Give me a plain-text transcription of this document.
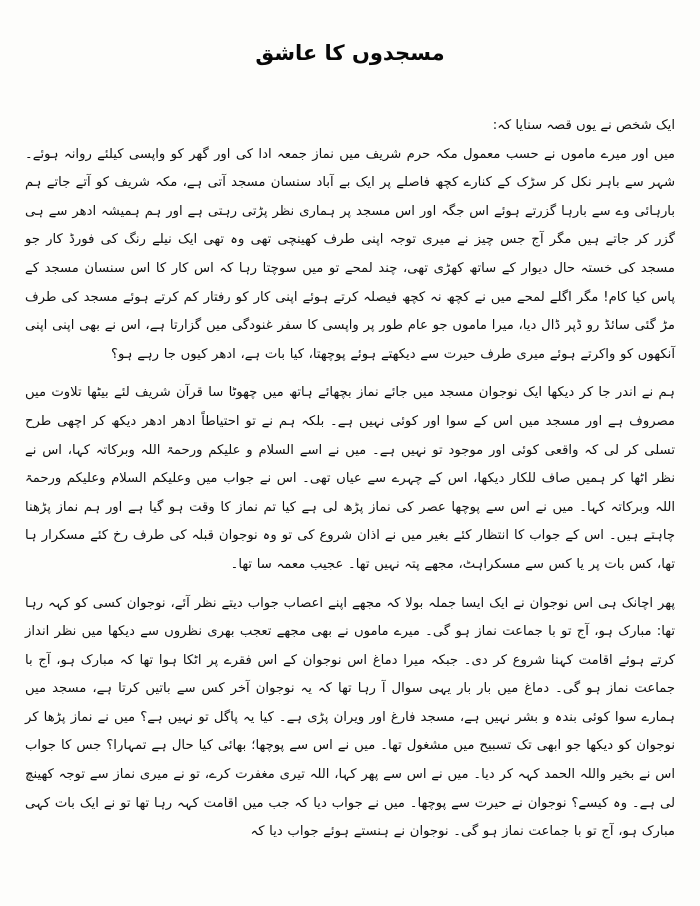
مسجدوں کا عاشق

ایک شخص نے یوں قصہ سنایا کہ:

میں اور میرے ماموں نے حسب معمول مکہ حرم شریف میں نماز جمعہ ادا کی اور گھر کو واپسی کیلئے روانہ ہوئے۔ شہر سے باہر نکل کر سڑک کے کنارے کچھ فاصلے پر ایک بے آباد سنسان مسجد آتی ہے، مکہ شریف کو آتے جاتے ہم بارہائی وے سے بارہا گزرتے ہوئے اس جگہ اور اس مسجد پر ہماری نظر پڑتی رہتی ہے اور ہم ہمیشہ ادھر سے ہی گزر کر جاتے ہیں مگر آج جس چیز نے میری توجہ اپنی طرف کھینچی تھی وہ تھی ایک نیلے رنگ کی فورڈ کار جو مسجد کی خستہ حال دیوار کے ساتھ کھڑی تھی، چند لمحے تو میں سوچتا رہا کہ اس کار کا اس سنسان مسجد کے پاس کیا کام! مگر اگلے لمحے میں نے کچھ نہ کچھ فیصلہ کرتے ہوئے اپنی کار کو رفتار کم کرتے ہوئے مسجد کی طرف مڑ گئی سائڈ رو ڈپر ڈال دیا، میرا ماموں جو عام طور پر واپسی کا سفر غنودگی میں گزارتا ہے، اس نے بھی اپنی اپنی آنکھوں کو واکرتے ہوئے میری طرف حیرت سے دیکھتے ہوئے پوچھتا، کیا بات ہے، ادھر کیوں جا رہے ہو؟

ہم نے اندر جا کر دیکھا ایک نوجوان مسجد میں جائے نماز بچھائے ہاتھ میں چھوٹا سا قرآن شریف لئے بیٹھا تلاوت میں مصروف ہے اور مسجد میں اس کے سوا اور کوئی نہیں ہے۔ بلکہ ہم نے تو احتیاطاً ادھر ادھر دیکھ کر اچھی طرح تسلی کر لی کہ واقعی کوئی اور موجود تو نہیں ہے۔ میں نے اسے السلام و علیکم ورحمۃ اللہ وبرکاتہ کہا، اس نے نظر اٹھا کر ہمیں صاف للکار دیکھا، اس کے چہرے سے عیاں تھی۔ اس نے جواب میں وعلیکم السلام وعلیکم ورحمۃ اللہ وبرکاتہ کہا۔ میں نے اس سے پوچھا عصر کی نماز پڑھ لی ہے کیا تم نماز کا وقت ہو گیا ہے اور ہم نماز پڑھنا چاہتے ہیں۔ اس کے جواب کا انتظار کئے بغیر میں نے اذان شروع کی تو وہ نوجوان قبلہ کی طرف رخ کئے مسکرار ہا تھا، کس بات پر یا کس سے مسکراہٹ، مجھے پتہ نہیں تھا۔ عجیب معمہ سا تھا۔

پھر اچانک ہی اس نوجوان نے ایک ایسا جملہ بولا کہ مجھے اپنے اعصاب جواب دیتے نظر آئے، نوجوان کسی کو کہہ رہا تھا: مبارک ہو، آج تو با جماعت نماز ہو گی۔ میرے ماموں نے بھی مجھے تعجب بھری نظروں سے دیکھا میں نظر انداز کرتے ہوئے اقامت کہنا شروع کر دی۔ جبکہ میرا دماغ اس نوجوان کے اس فقرے پر اٹکا ہوا تھا کہ مبارک ہو، آج با جماعت نماز ہو گی۔ دماغ میں بار بار یہی سوال آ رہا تھا کہ یہ نوجوان آخر کس سے باتیں کرتا ہے، مسجد میں ہمارے سوا کوئی بندہ و بشر نہیں ہے، مسجد فارغ اور ویران پڑی ہے۔ کیا یہ پاگل تو نہیں ہے؟ میں نے نماز پڑھا کر نوجوان کو دیکھا جو ابھی تک تسبیح میں مشغول تھا۔ میں نے اس سے پوچھا؛ بھائی کیا حال ہے تمہارا؟ جس کا جواب اس نے بخیر واللہ الحمد کہہ کر دیا۔ میں نے اس سے پھر کہا، اللہ تیری مغفرت کرے، تو نے میری نماز سے توجہ کھینچ لی ہے۔ وہ کیسے؟ نوجوان نے حیرت سے پوچھا۔ میں نے جواب دیا کہ جب میں اقامت کہہ رہا تھا تو نے ایک بات کہی مبارک ہو، آج تو با جماعت نماز ہو گی۔ نوجوان نے ہنستے ہوئے جواب دیا کہ
